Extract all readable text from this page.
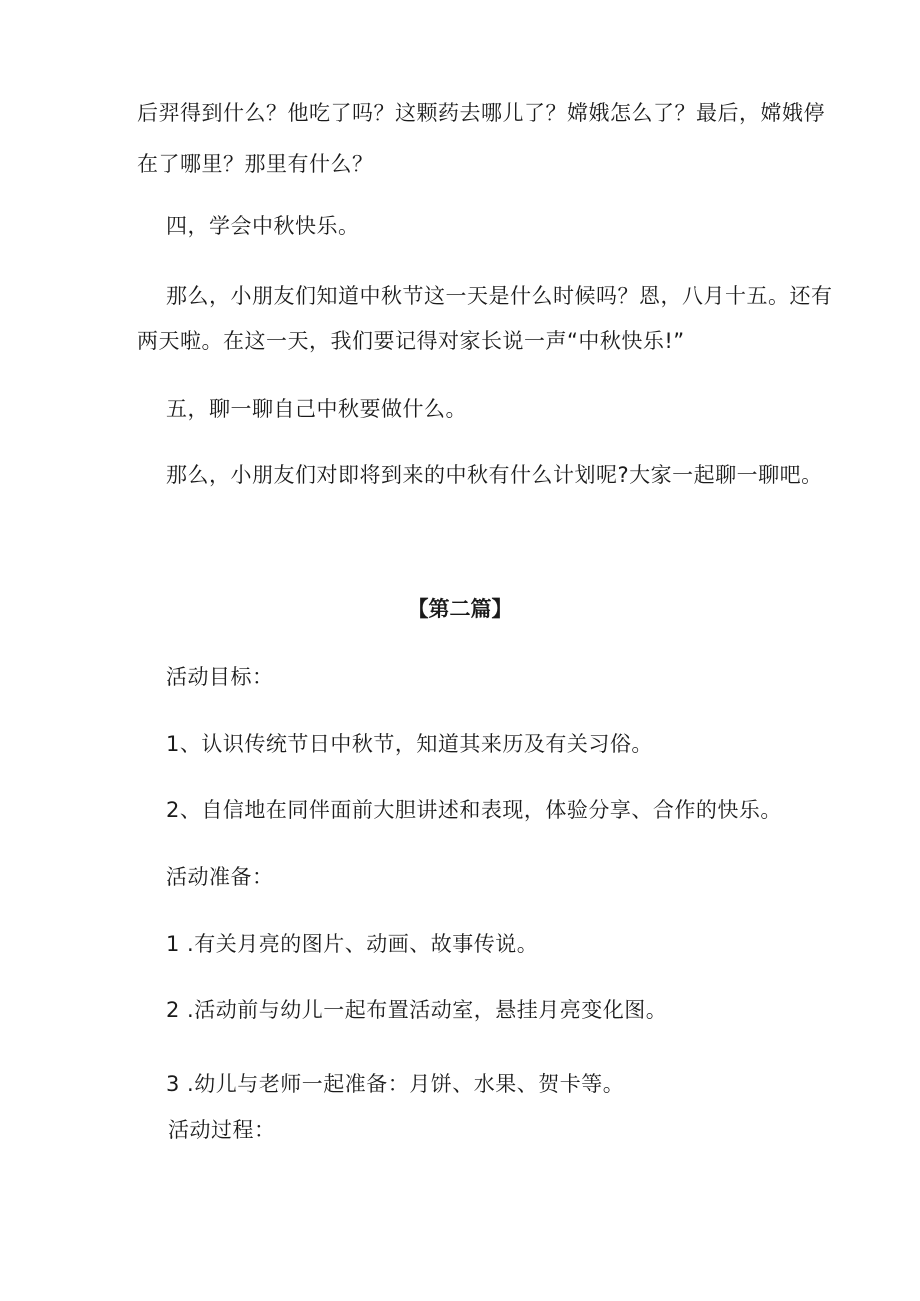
后羿得到什么？他吃了吗？这颗药去哪儿了？嫦娥怎么了？最后，嫦娥停
在了哪里？那里有什么？
四，学会中秋快乐。
那么，小朋友们知道中秋节这一天是什么时候吗？恩，八月十五。还有
两天啦。在这一天，我们要记得对家长说一声“中秋快乐!”
五，聊一聊自己中秋要做什么。
那么，小朋友们对即将到来的中秋有什么计划呢?大家一起聊一聊吧。
【第二篇】
活动目标：
1、认识传统节日中秋节，知道其来历及有关习俗。
2、自信地在同伴面前大胆讲述和表现，体验分享、合作的快乐。
活动准备：
1 .有关月亮的图片、动画、故事传说。
2 .活动前与幼儿一起布置活动室，悬挂月亮变化图。
3 .幼儿与老师一起准备：月饼、水果、贺卡等。
活动过程：
